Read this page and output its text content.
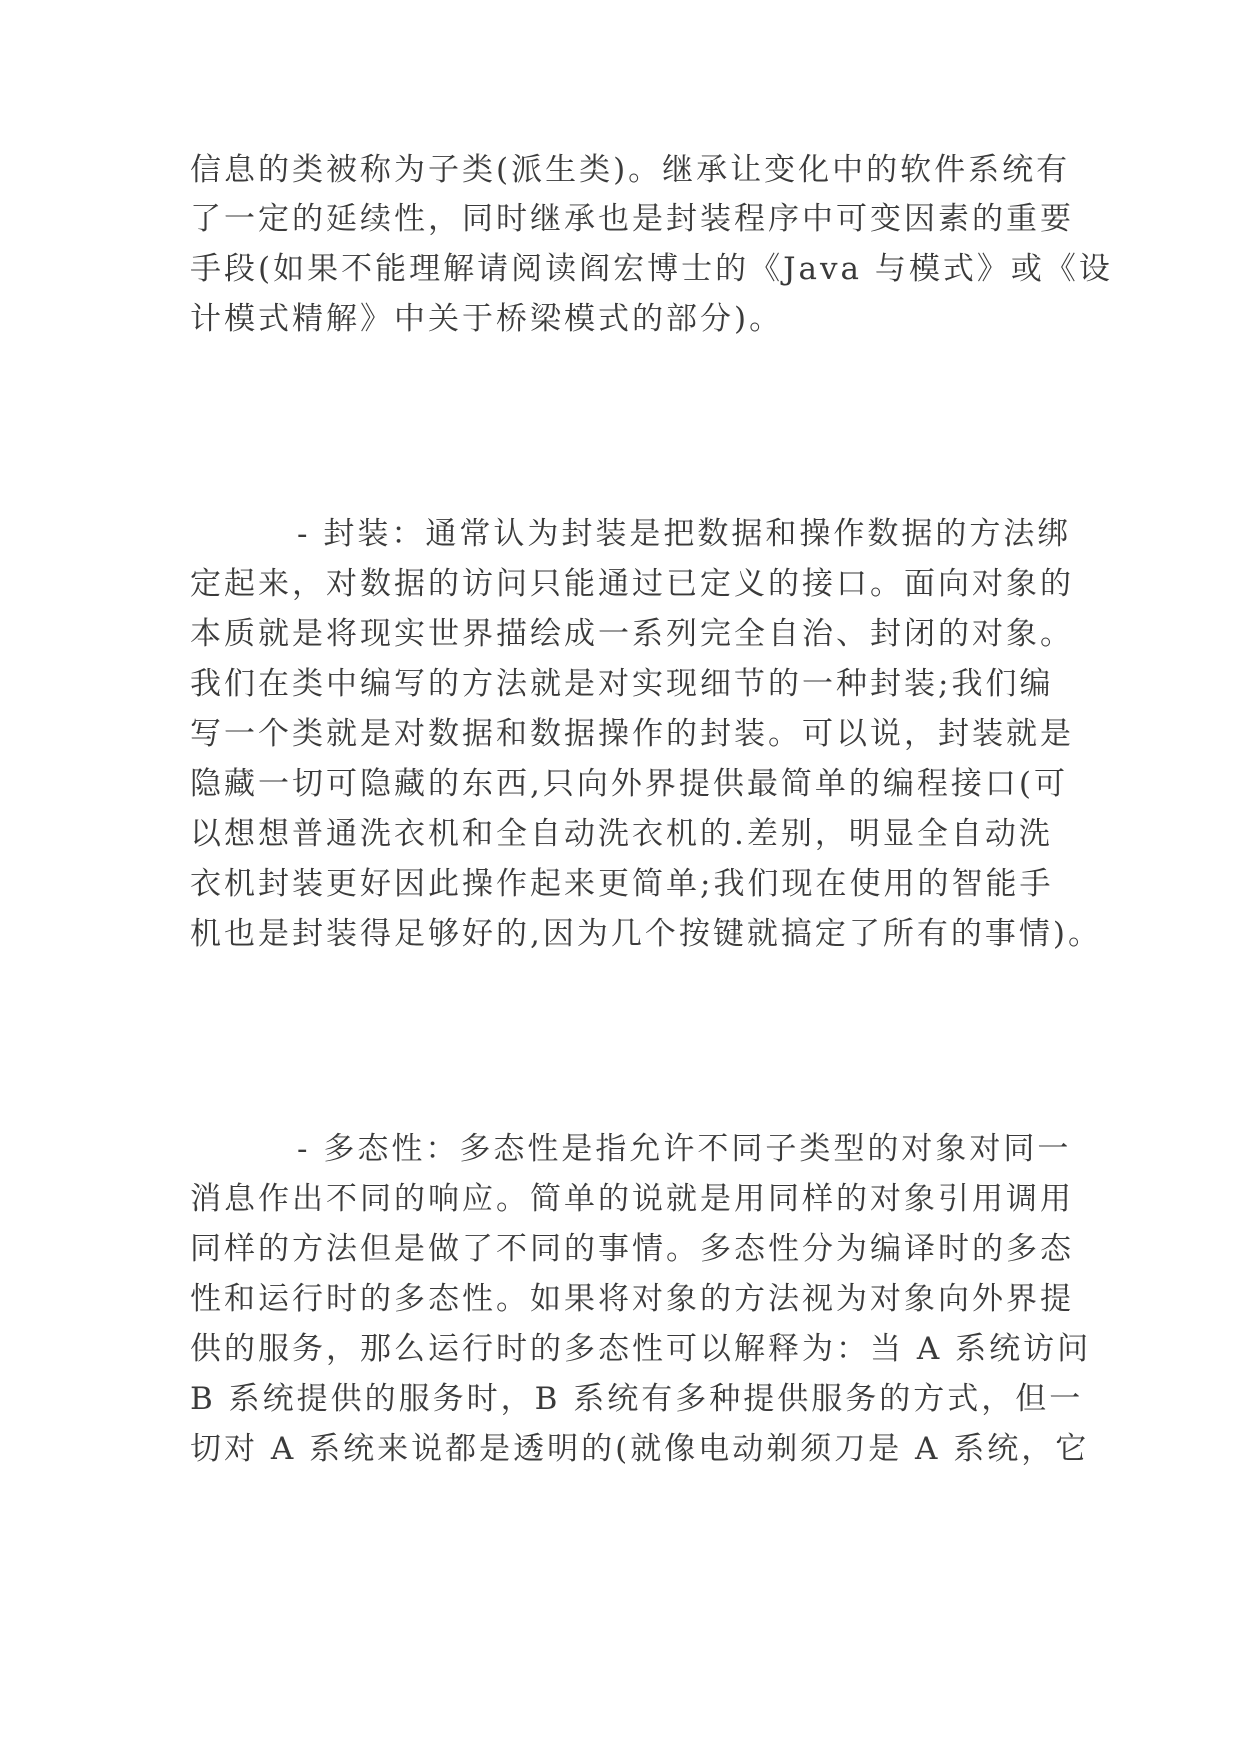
信息的类被称为子类(派生类)。继承让变化中的软件系统有

了一定的延续性，同时继承也是封装程序中可变因素的重要

手段(如果不能理解请阅读阎宏博士的《Java 与模式》或《设

计模式精解》中关于桥梁模式的部分)。

- 封装：通常认为封装是把数据和操作数据的方法绑

定起来，对数据的访问只能通过已定义的接口。面向对象的

本质就是将现实世界描绘成一系列完全自治、封闭的对象。

我们在类中编写的方法就是对实现细节的一种封装;我们编

写一个类就是对数据和数据操作的封装。可以说，封装就是

隐藏一切可隐藏的东西,只向外界提供最简单的编程接口(可

以想想普通洗衣机和全自动洗衣机的.差别，明显全自动洗

衣机封装更好因此操作起来更简单;我们现在使用的智能手

机也是封装得足够好的,因为几个按键就搞定了所有的事情)。

- 多态性：多态性是指允许不同子类型的对象对同一

消息作出不同的响应。简单的说就是用同样的对象引用调用

同样的方法但是做了不同的事情。多态性分为编译时的多态

性和运行时的多态性。如果将对象的方法视为对象向外界提

供的服务，那么运行时的多态性可以解释为：当 A 系统访问

B 系统提供的服务时，B 系统有多种提供服务的方式，但一

切对 A 系统来说都是透明的(就像电动剃须刀是 A 系统，它
